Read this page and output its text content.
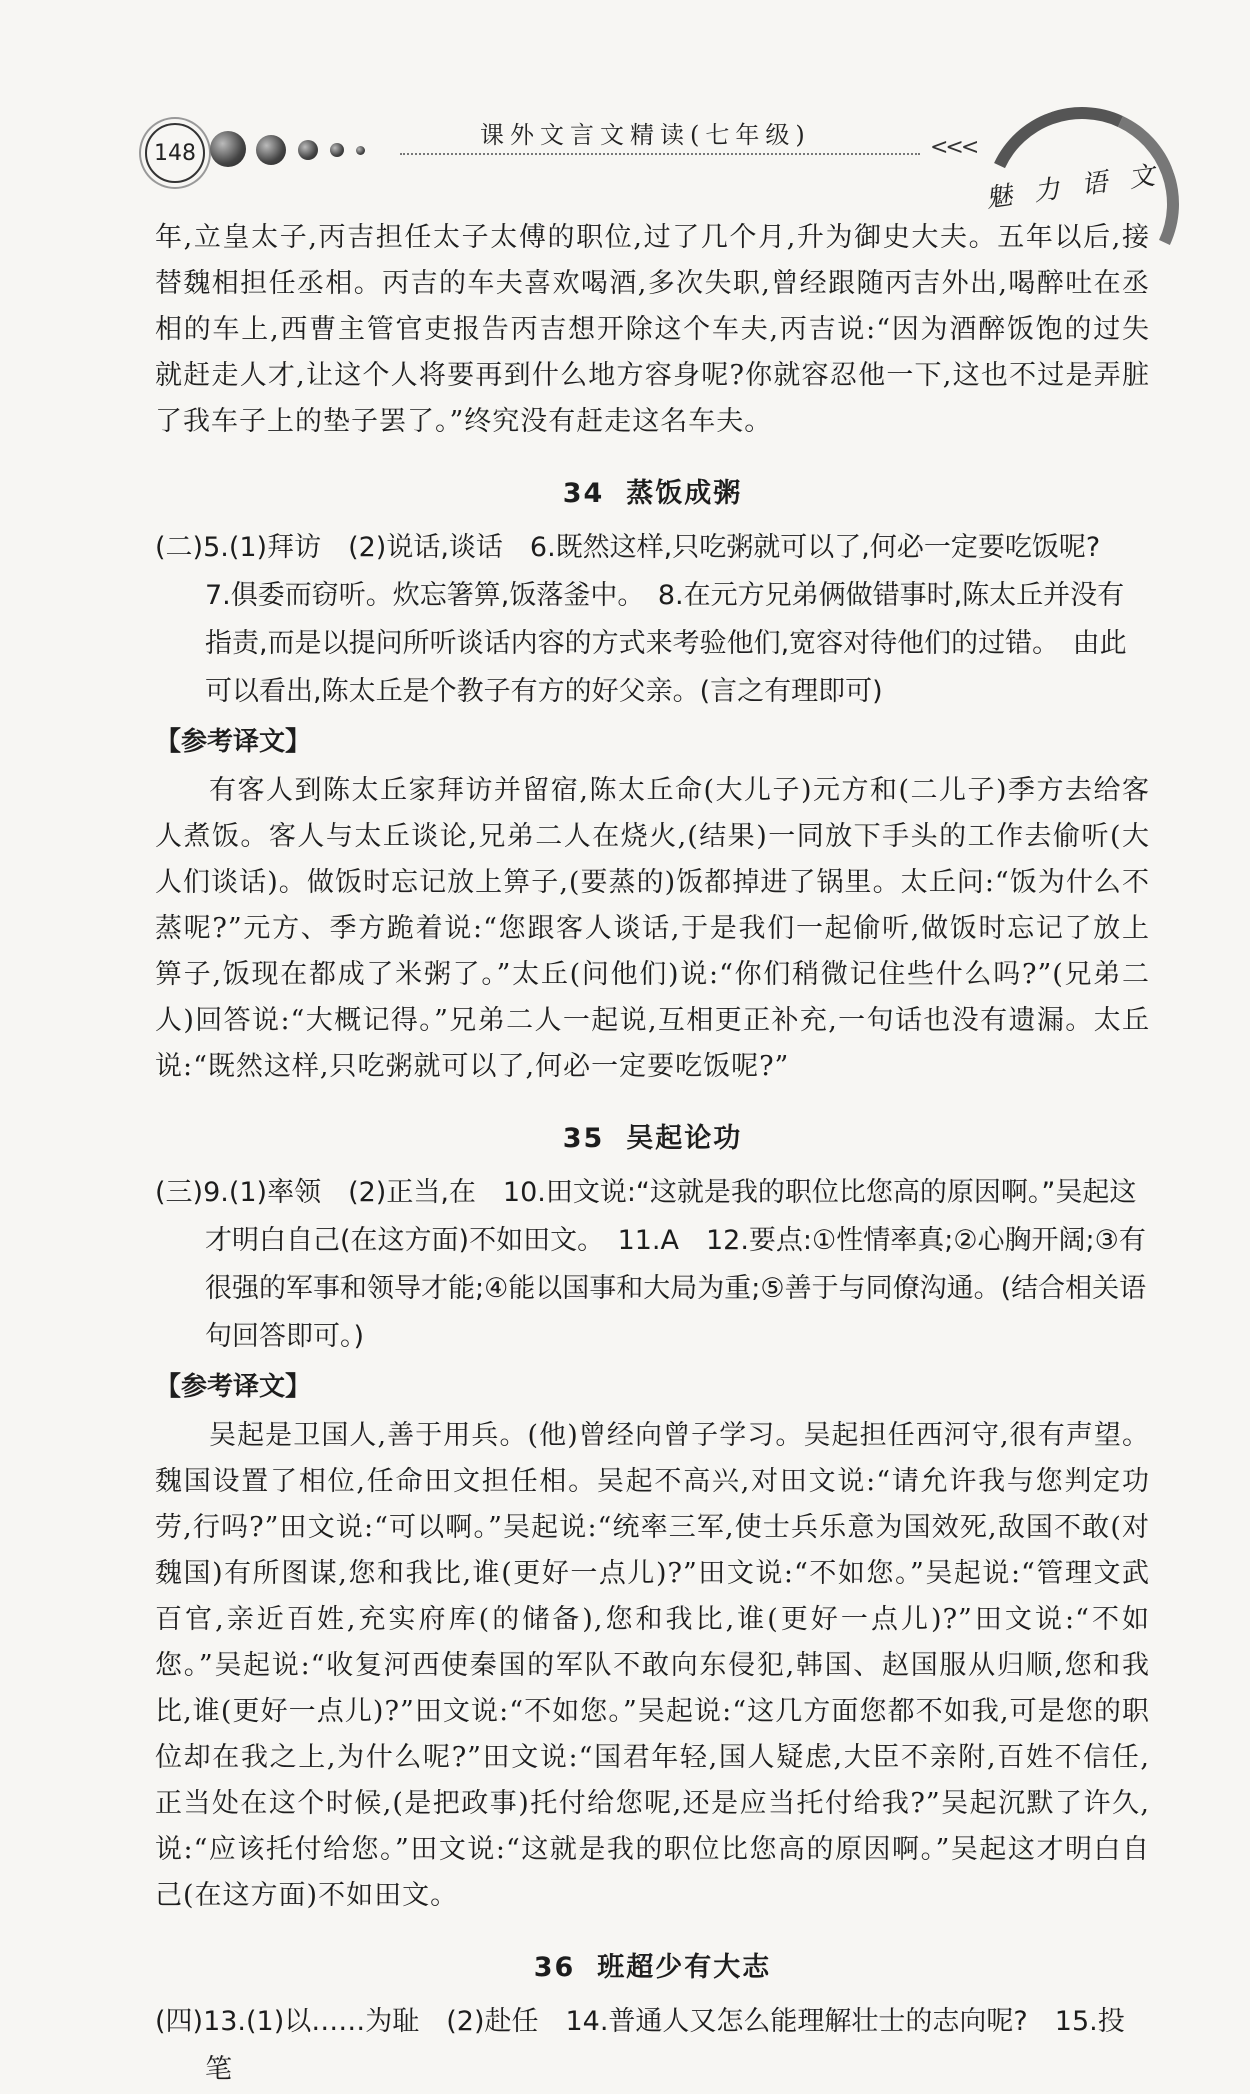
148
课外文言文精读(七年级)	<<<
魅力语文

年,立皇太子,丙吉担任太子太傅的职位,过了几个月,升为御史大夫。五年以后,接替魏相担任丞相。丙吉的车夫喜欢喝酒,多次失职,曾经跟随丙吉外出,喝醉吐在丞相的车上,西曹主管官吏报告丙吉想开除这个车夫,丙吉说:“因为酒醉饭饱的过失就赶走人才,让这个人将要再到什么地方容身呢?你就容忍他一下,这也不过是弄脏了我车子上的垫子罢了。”终究没有赶走这名车夫。

34 蒸饭成粥

(二)5.(1)拜访　(2)说话,谈话　6.既然这样,只吃粥就可以了,何必一定要吃饭呢?

7.俱委而窃听。炊忘箸箅,饭落釜中。　8.在元方兄弟俩做错事时,陈太丘并没有指责,而是以提问所听谈话内容的方式来考验他们,宽容对待他们的过错。　由此可以看出,陈太丘是个教子有方的好父亲。(言之有理即可)

【参考译文】

有客人到陈太丘家拜访并留宿,陈太丘命(大儿子)元方和(二儿子)季方去给客人煮饭。客人与太丘谈论,兄弟二人在烧火,(结果)一同放下手头的工作去偷听(大人们谈话)。做饭时忘记放上箅子,(要蒸的)饭都掉进了锅里。太丘问:“饭为什么不蒸呢?”元方、季方跪着说:“您跟客人谈话,于是我们一起偷听,做饭时忘记了放上箅子,饭现在都成了米粥了。”太丘(问他们)说:“你们稍微记住些什么吗?”(兄弟二人)回答说:“大概记得。”兄弟二人一起说,互相更正补充,一句话也没有遗漏。太丘说:“既然这样,只吃粥就可以了,何必一定要吃饭呢?”

35 吴起论功

(三)9.(1)率领　(2)正当,在　10.田文说:“这就是我的职位比您高的原因啊。”吴起这才明白自己(在这方面)不如田文。　11.A　12.要点:①性情率真;②心胸开阔;③有很强的军事和领导才能;④能以国事和大局为重;⑤善于与同僚沟通。(结合相关语句回答即可。)

【参考译文】

吴起是卫国人,善于用兵。(他)曾经向曾子学习。吴起担任西河守,很有声望。魏国设置了相位,任命田文担任相。吴起不高兴,对田文说:“请允许我与您判定功劳,行吗?”田文说:“可以啊。”吴起说:“统率三军,使士兵乐意为国效死,敌国不敢(对魏国)有所图谋,您和我比,谁(更好一点儿)?”田文说:“不如您。”吴起说:“管理文武百官,亲近百姓,充实府库(的储备),您和我比,谁(更好一点儿)?”田文说:“不如您。”吴起说:“收复河西使秦国的军队不敢向东侵犯,韩国、赵国服从归顺,您和我比,谁(更好一点儿)?”田文说:“不如您。”吴起说:“这几方面您都不如我,可是您的职位却在我之上,为什么呢?”田文说:“国君年轻,国人疑虑,大臣不亲附,百姓不信任,正当处在这个时候,(是把政事)托付给您呢,还是应当托付给我?”吴起沉默了许久,说:“应该托付给您。”田文说:“这就是我的职位比您高的原因啊。”吴起这才明白自己(在这方面)不如田文。

36 班超少有大志

(四)13.(1)以……为耻　(2)赴任　14.普通人又怎么能理解壮士的志向呢?　15.投笔
